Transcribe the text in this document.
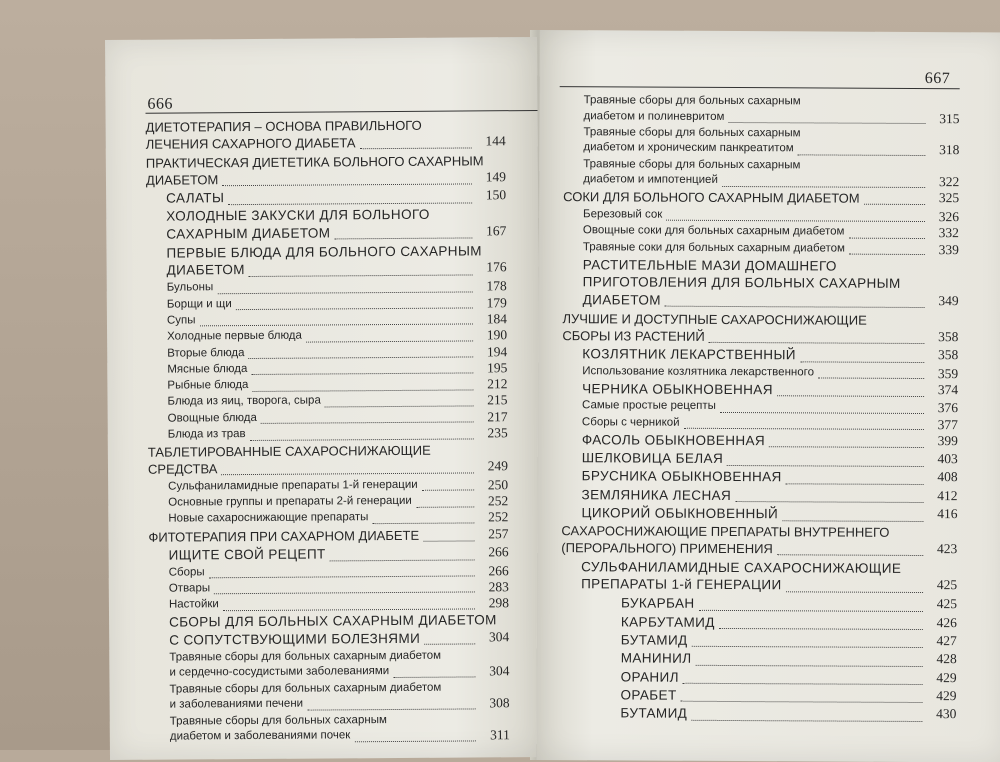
666
ДИЕТОТЕРАПИЯ – ОСНОВА ПРАВИЛЬНОГО
ЛЕЧЕНИЯ САХАРНОГО ДИАБЕТА	144
ПРАКТИЧЕСКАЯ ДИЕТЕТИКА БОЛЬНОГО САХАРНЫМ
ДИАБЕТОМ	149
САЛАТЫ	150
ХОЛОДНЫЕ ЗАКУСКИ ДЛЯ БОЛЬНОГО
САХАРНЫМ ДИАБЕТОМ	167
ПЕРВЫЕ БЛЮДА ДЛЯ БОЛЬНОГО САХАРНЫМ
ДИАБЕТОМ	176
Бульоны	178
Борщи и щи	179
Супы	184
Холодные первые блюда	190
Вторые блюда	194
Мясные блюда	195
Рыбные блюда	212
Блюда из яиц, творога, сыра	215
Овощные блюда	217
Блюда из трав	235
ТАБЛЕТИРОВАННЫЕ САХАРОСНИЖАЮЩИЕ
СРЕДСТВА	249
Сульфаниламидные препараты 1-й генерации	250
Основные группы и препараты 2-й генерации	252
Новые сахароснижающие препараты	252
ФИТОТЕРАПИЯ ПРИ САХАРНОМ ДИАБЕТЕ	257
ИЩИТЕ СВОЙ РЕЦЕПТ	266
Сборы	266
Отвары	283
Настойки	298
СБОРЫ ДЛЯ БОЛЬНЫХ САХАРНЫМ ДИАБЕТОМ
С СОПУТСТВУЮЩИМИ БОЛЕЗНЯМИ	304
Травяные сборы для больных сахарным диабетом
и сердечно-сосудистыми заболеваниями	304
Травяные сборы для больных сахарным диабетом
и заболеваниями печени	308
Травяные сборы для больных сахарным
диабетом и заболеваниями почек	311
667
Травяные сборы для больных сахарным
диабетом и полиневритом	315
Травяные сборы для больных сахарным
диабетом и хроническим панкреатитом	318
Травяные сборы для больных сахарным
диабетом и импотенцией	322
СОКИ ДЛЯ БОЛЬНОГО САХАРНЫМ ДИАБЕТОМ	325
Березовый сок	326
Овощные соки для больных сахарным диабетом	332
Травяные соки для больных сахарным диабетом	339
РАСТИТЕЛЬНЫЕ МАЗИ ДОМАШНЕГО
ПРИГОТОВЛЕНИЯ ДЛЯ БОЛЬНЫХ САХАРНЫМ
ДИАБЕТОМ	349
ЛУЧШИЕ И ДОСТУПНЫЕ САХАРОСНИЖАЮЩИЕ
СБОРЫ ИЗ РАСТЕНИЙ	358
КОЗЛЯТНИК ЛЕКАРСТВЕННЫЙ	358
Использование козлятника лекарственного	359
ЧЕРНИКА ОБЫКНОВЕННАЯ	374
Самые простые рецепты	376
Сборы с черникой	377
ФАСОЛЬ ОБЫКНОВЕННАЯ	399
ШЕЛКОВИЦА БЕЛАЯ	403
БРУСНИКА ОБЫКНОВЕННАЯ	408
ЗЕМЛЯНИКА ЛЕСНАЯ	412
ЦИКОРИЙ ОБЫКНОВЕННЫЙ	416
САХАРОСНИЖАЮЩИЕ ПРЕПАРАТЫ ВНУТРЕННЕГО
(ПЕРОРАЛЬНОГО) ПРИМЕНЕНИЯ	423
СУЛЬФАНИЛАМИДНЫЕ САХАРОСНИЖАЮЩИЕ
ПРЕПАРАТЫ 1-й ГЕНЕРАЦИИ	425
БУКАРБАН	425
КАРБУТАМИД	426
БУТАМИД	427
МАНИНИЛ	428
ОРАНИЛ	429
ОРАБЕТ	429
БУТАМИД	430
